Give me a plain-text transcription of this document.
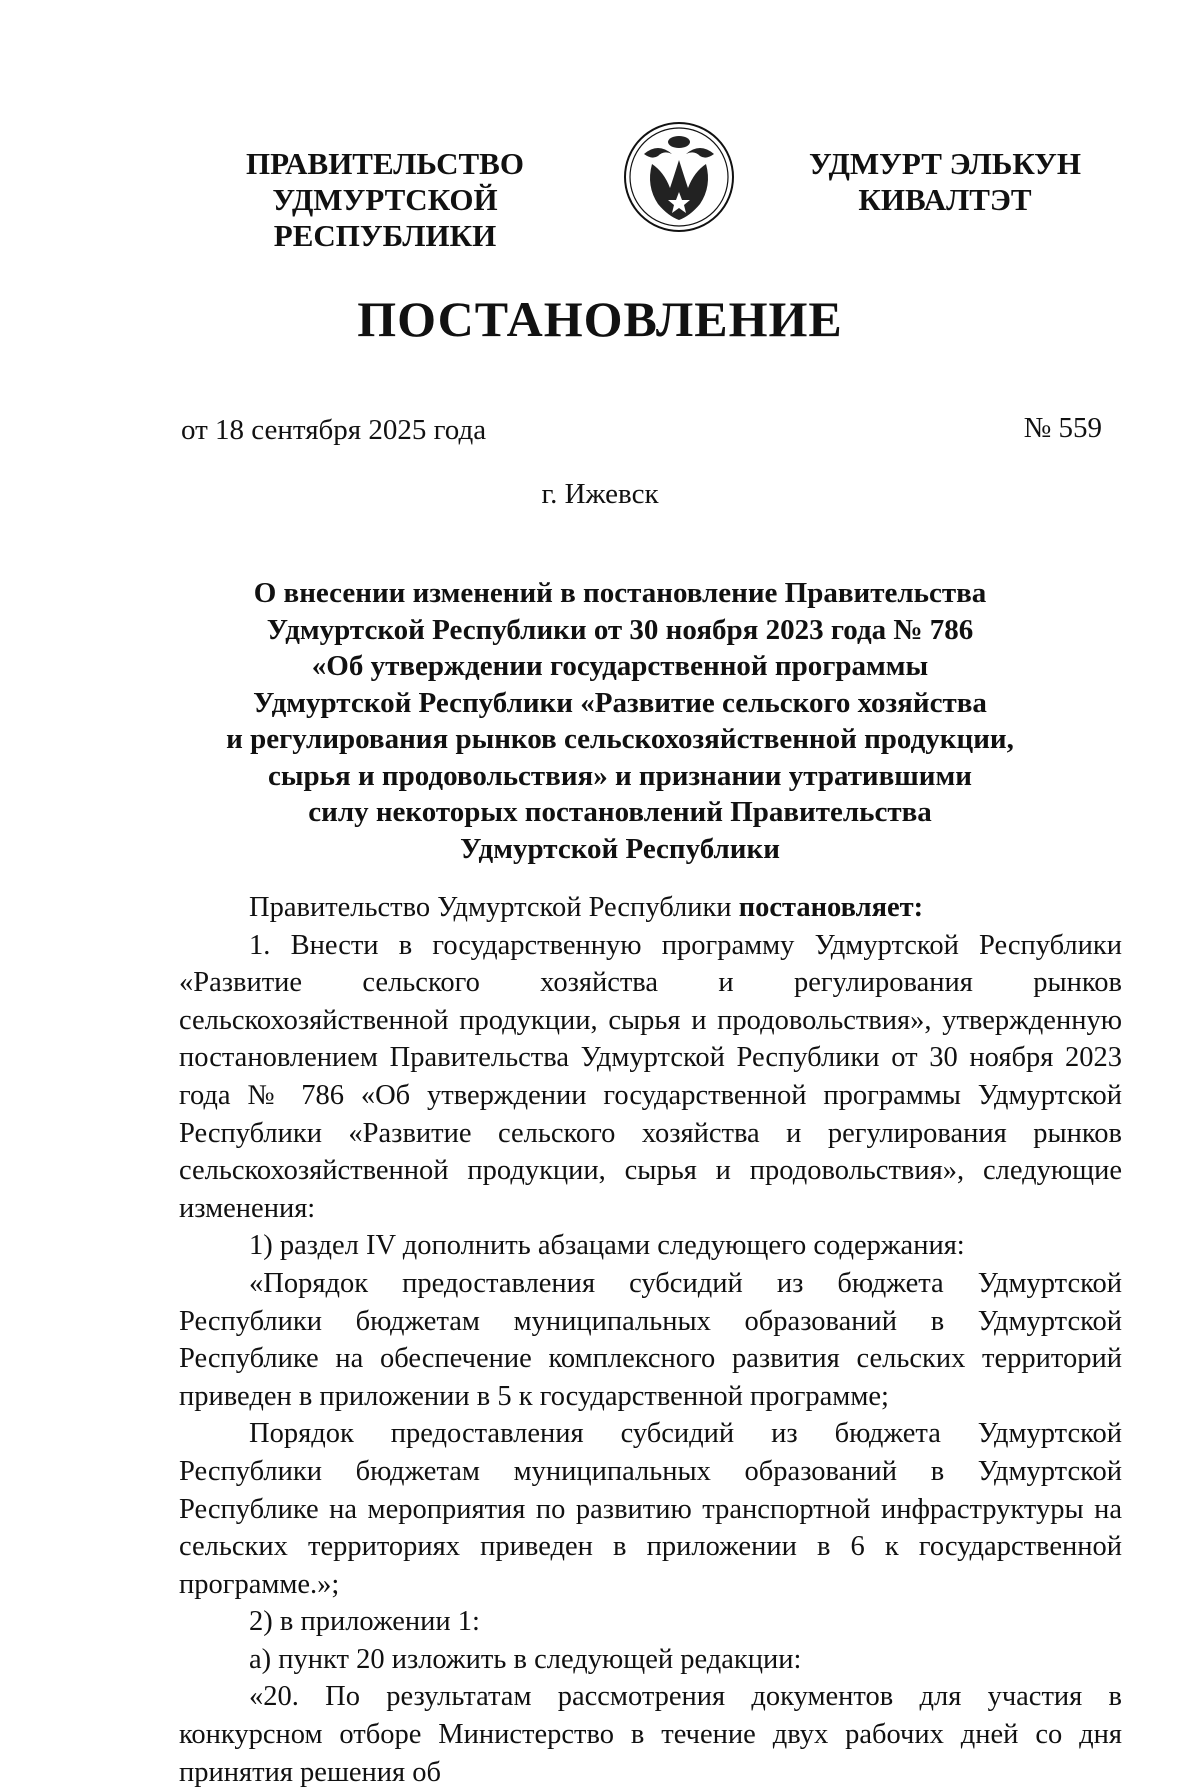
ПРАВИТЕЛЬСТВО
УДМУРТСКОЙ РЕСПУБЛИКИ
УДМУРТ ЭЛЬКУН
КИВАЛТЭТ
ПОСТАНОВЛЕНИЕ
от 18 сентября 2025 года	№ 559
г. Ижевск
О внесении изменений в постановление Правительства
Удмуртской Республики от 30 ноября 2023 года № 786
«Об утверждении государственной программы
Удмуртской Республики «Развитие сельского хозяйства
и регулирования рынков сельскохозяйственной продукции,
сырья и продовольствия» и признании утратившими
силу некоторых постановлений Правительства
Удмуртской Республики

Правительство Удмуртской Республики постановляет:

1. Внести в государственную программу Удмуртской Республики «Развитие сельского хозяйства и регулирования рынков сельскохозяйственной продукции, сырья и продовольствия», утвержденную постановлением Правительства Удмуртской Республики от 30 ноября 2023 года № 786 «Об утверждении государственной программы Удмуртской Республики «Развитие сельского хозяйства и регулирования рынков сельскохозяйственной продукции, сырья и продовольствия», следующие изменения:

1) раздел IV дополнить абзацами следующего содержания:

«Порядок предоставления субсидий из бюджета Удмуртской Республики бюджетам муниципальных образований в Удмуртской Республике на обеспечение комплексного развития сельских территорий приведен в приложении в 5 к государственной программе;

Порядок предоставления субсидий из бюджета Удмуртской Республики бюджетам муниципальных образований в Удмуртской Республике на мероприятия по развитию транспортной инфраструктуры на сельских территориях приведен в приложении в 6 к государственной программе.»;

2) в приложении 1:

а) пункт 20 изложить в следующей редакции:

«20. По результатам рассмотрения документов для участия в конкурсном отборе Министерство в течение двух рабочих дней со дня принятия решения об
